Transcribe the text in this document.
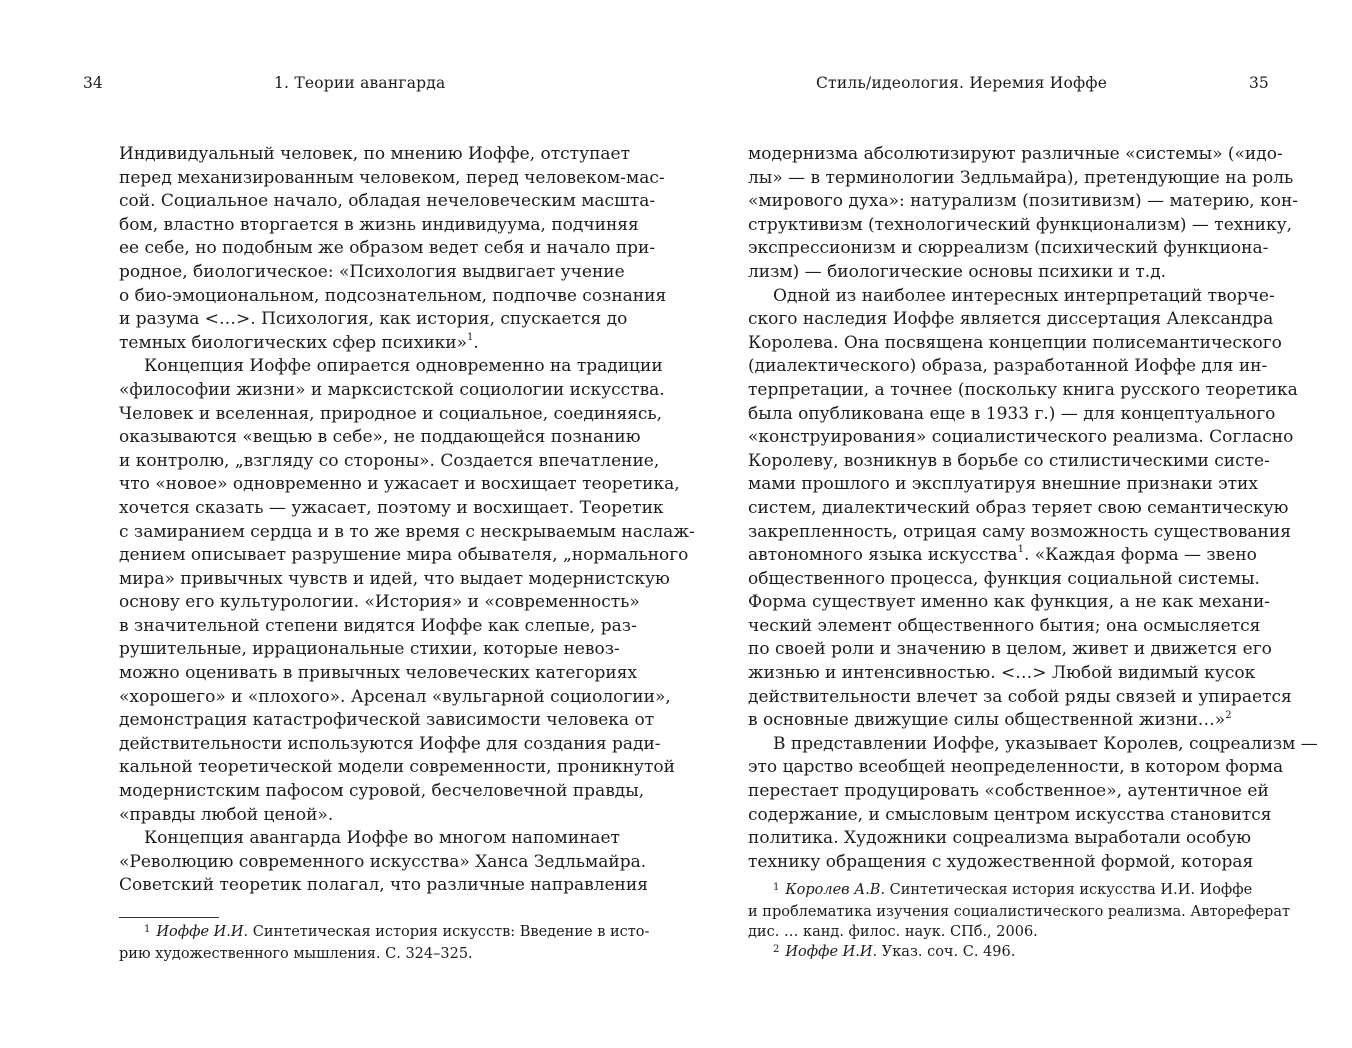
34	1. Теории авангарда
Индивидуальный человек, по мнению Иоффе, отступает
перед механизированным человеком, перед человеком-мас-
сой. Социальное начало, обладая нечеловеческим масшта-
бом, властно вторгается в жизнь индивидуума, подчиняя
ее себе, но подобным же образом ведет себя и начало при-
родное, биологическое: «Психология выдвигает учение
о био-эмоциональном, подсознательном, подпочве сознания
и разума <…>. Психология, как история, спускается до
темных биологических сфер психики»$^1$.
Концепция Иоффе опирается одновременно на традиции
«философии жизни» и марксистской социологии искусства.
Человек и вселенная, природное и социальное, соединяясь,
оказываются «вещью в себе», не поддающейся познанию
и контролю, „взгляду со стороны». Создается впечатление,
что «новое» одновременно и ужасает и восхищает теоретика,
хочется сказать — ужасает, поэтому и восхищает. Теоретик
с замиранием сердца и в то же время с нескрываемым наслаж-
дением описывает разрушение мира обывателя, „нормального
мира» привычных чувств и идей, что выдает модернистскую
основу его культурологии. «История» и «современность»
в значительной степени видятся Иоффе как слепые, раз-
рушительные, иррациональные стихии, которые невоз-
можно оценивать в привычных человеческих категориях
«хорошего» и «плохого». Арсенал «вульгарной социологии»,
демонстрация катастрофической зависимости человека от
действительности используются Иоффе для создания ради-
кальной теоретической модели современности, проникнутой
модернистским пафосом суровой, бесчеловечной правды,
«правды любой ценой».
Концепция авангарда Иоффе во многом напоминает
«Революцию современного искусства» Ханса Зедльмайра.
Советский теоретик полагал, что различные направления
$^1$ Иоффе И.И. Синтетическая история искусств: Введение в исто-
рию художественного мышления. С. 324–325.
Стиль/идеология. Иеремия Иоффе	35
модернизма абсолютизируют различные «системы» («идо-
лы» — в терминологии Зедльмайра), претендующие на роль
«мирового духа»: натурализм (позитивизм) — материю, кон-
структивизм (технологический функционализм) — технику,
экспрессионизм и сюрреализм (психический функциона-
лизм) — биологические основы психики и т.д.
Одной из наиболее интересных интерпретаций творче-
ского наследия Иоффе является диссертация Александра
Королева. Она посвящена концепции полисемантического
(диалектического) образа, разработанной Иоффе для ин-
терпретации, а точнее (поскольку книга русского теоретика
была опубликована еще в 1933 г.) — для концептуального
«конструирования» социалистического реализма. Согласно
Королеву, возникнув в борьбе со стилистическими систе-
мами прошлого и эксплуатируя внешние признаки этих
систем, диалектический образ теряет свою семантическую
закрепленность, отрицая саму возможность существования
автономного языка искусства$^1$. «Каждая форма — звено
общественного процесса, функция социальной системы.
Форма существует именно как функция, а не как механи-
ческий элемент общественного бытия; она осмысляется
по своей роли и значению в целом, живет и движется его
жизнью и интенсивностью. <…> Любой видимый кусок
действительности влечет за собой ряды связей и упирается
в основные движущие силы общественной жизни…»$^2$
В представлении Иоффе, указывает Королев, соцреализм —
это царство всеобщей неопределенности, в котором форма
перестает продуцировать «собственное», аутентичное ей
содержание, и смысловым центром искусства становится
политика. Художники соцреализма выработали особую
технику обращения с художественной формой, которая
$^1$ Королев А.В. Синтетическая история искусства И.И. Иоффе
и проблематика изучения социалистического реализма. Автореферат
дис. … канд. филос. наук. СПб., 2006.
$^2$ Иоффе И.И. Указ. соч. С. 496.
